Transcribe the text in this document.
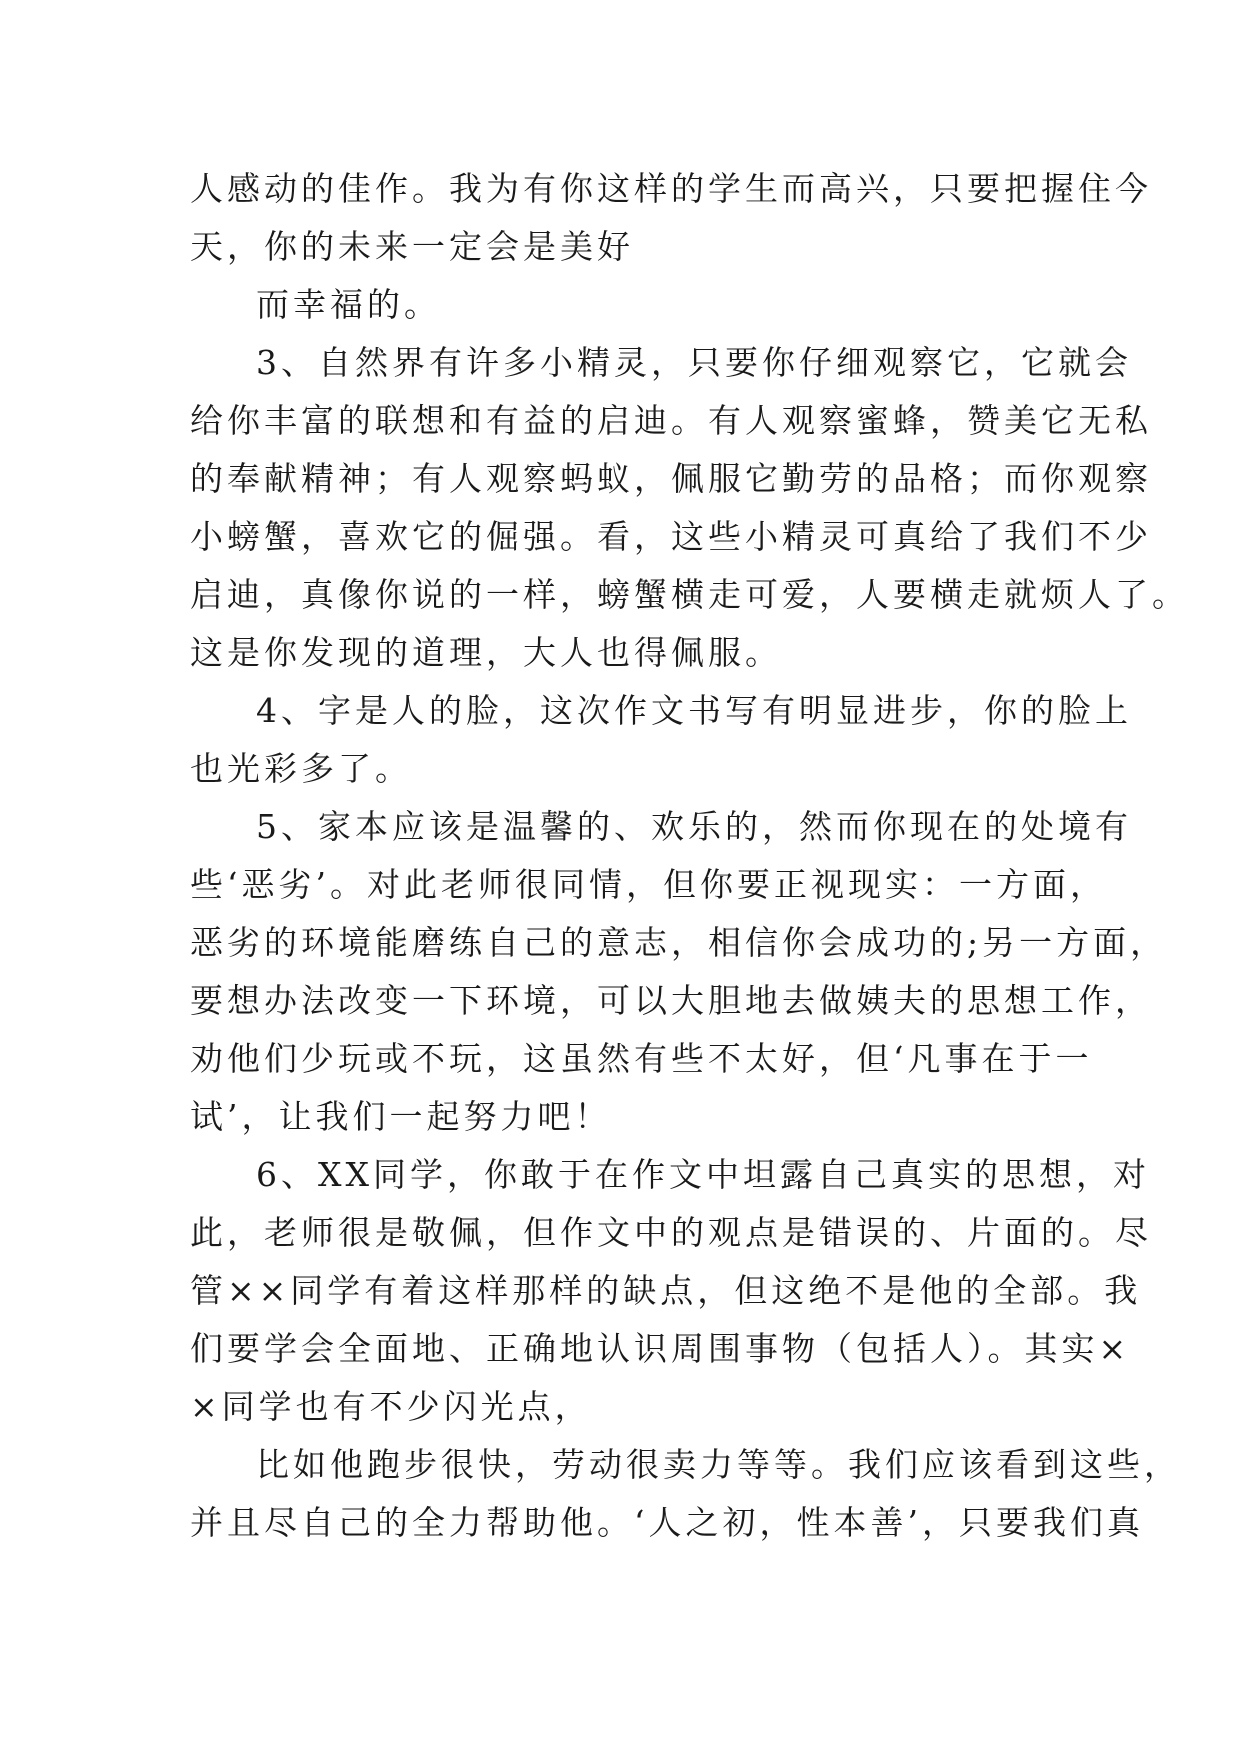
人感动的佳作。我为有你这样的学生而高兴，只要把握住今
天，你的未来一定会是美好
而幸福的。
3、自然界有许多小精灵，只要你仔细观察它，它就会
给你丰富的联想和有益的启迪。有人观察蜜蜂，赞美它无私
的奉献精神；有人观察蚂蚁，佩服它勤劳的品格；而你观察
小螃蟹，喜欢它的倔强。看，这些小精灵可真给了我们不少
启迪，真像你说的一样，螃蟹横走可爱，人要横走就烦人了。
这是你发现的道理，大人也得佩服。
4、字是人的脸，这次作文书写有明显进步，你的脸上
也光彩多了。
5、家本应该是温馨的、欢乐的，然而你现在的处境有
些‘恶劣’。对此老师很同情，但你要正视现实：一方面，
恶劣的环境能磨练自己的意志，相信你会成功的;另一方面，
要想办法改变一下环境，可以大胆地去做姨夫的思想工作，
劝他们少玩或不玩，这虽然有些不太好，但‘凡事在于一
试’，让我们一起努力吧！
6、XX同学，你敢于在作文中坦露自己真实的思想，对
此，老师很是敬佩，但作文中的观点是错误的、片面的。尽
管××同学有着这样那样的缺点，但这绝不是他的全部。我
们要学会全面地、正确地认识周围事物（包括人）。其实×
×同学也有不少闪光点，
比如他跑步很快，劳动很卖力等等。我们应该看到这些，
并且尽自己的全力帮助他。‘人之初，性本善’，只要我们真
